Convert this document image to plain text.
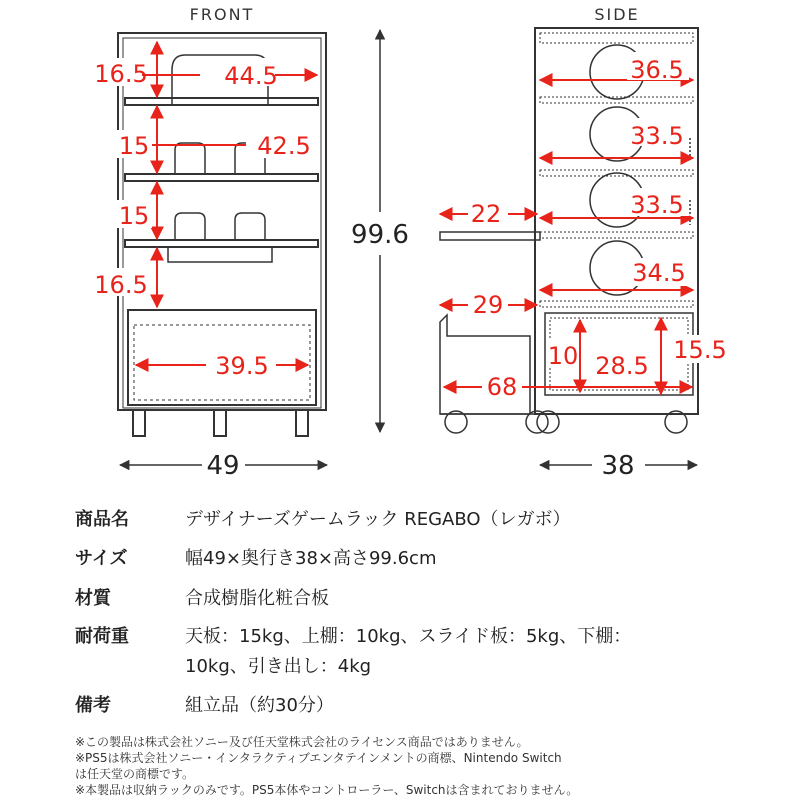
FRONT
16.5	44.5
15	42.5
15
16.5
39.5
99.6
49
SIDE
36.5
33.5
33.5
34.5
22
29
10 28.5
15.5
68
38
商品名	デザイナーズゲームラック REGABO（レガボ）
サイズ	幅49×奥行き38×高さ99.6cm
材質	合成樹脂化粧合板
耐荷重	天板：15kg、上棚：10kg、スライド板：5kg、下棚：
10kg、引き出し：4kg
備考	組立品（約30分）
※この製品は株式会社ソニー及び任天堂株式会社のライセンス商品ではありません。
※PS5は株式会社ソニー・インタラクティブエンタテインメントの商標、Nintendo Switch
は任天堂の商標です。
※本製品は収納ラックのみです。PS5本体やコントローラー、Switchは含まれておりません。
